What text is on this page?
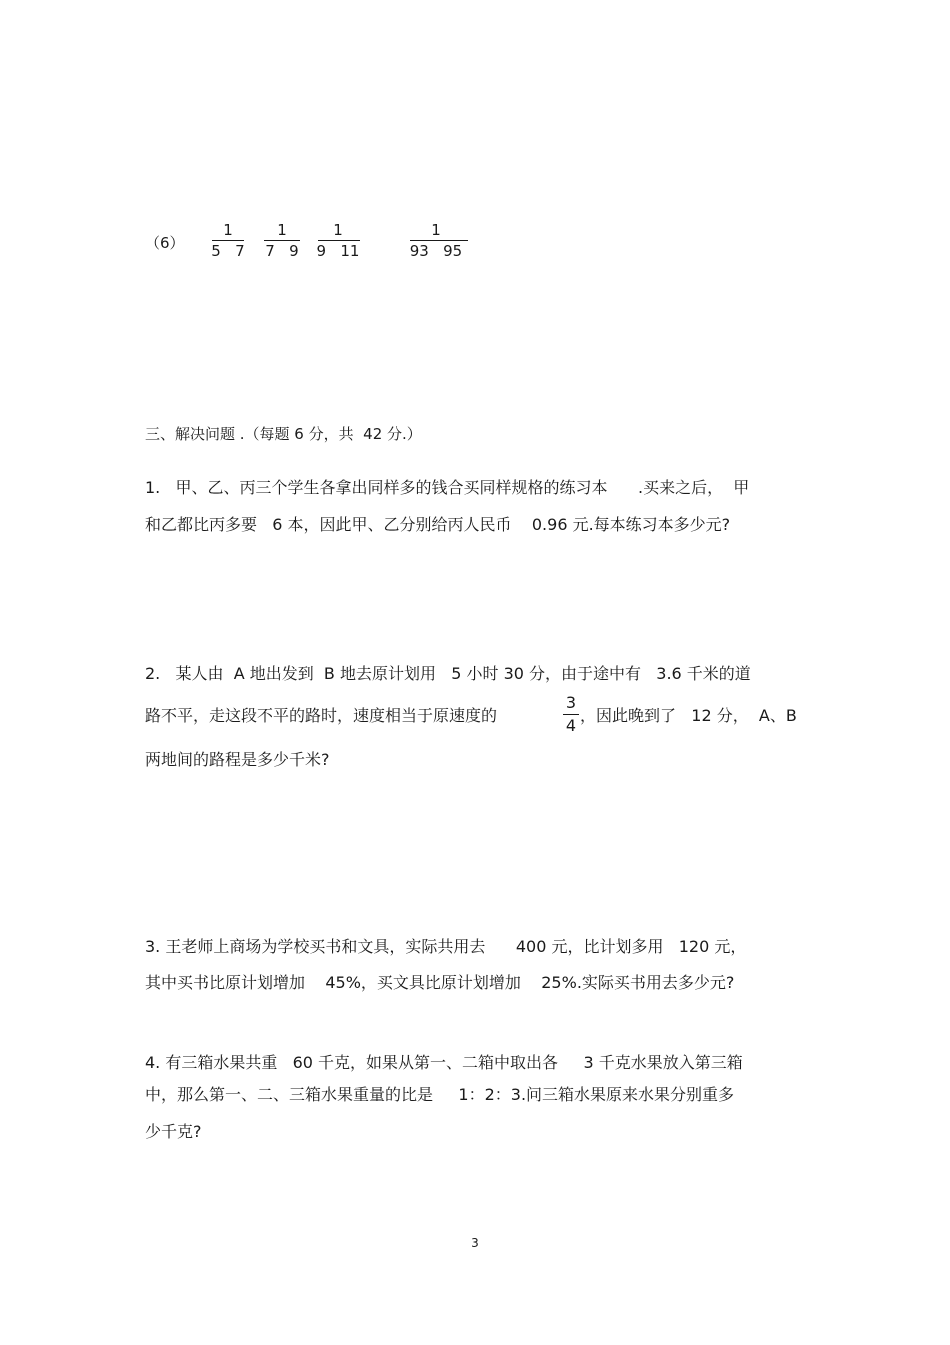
（6）
1
5   7
1
7   9
1
9   11
1
93   95
三、解决问题 .（每题 6 分，共  42 分.）
1.   甲、乙、丙三个学生各拿出同样多的钱合买同样规格的练习本      .买来之后，  甲
和乙都比丙多要   6 本，因此甲、乙分别给丙人民币    0.96 元.每本练习本多少元?
2.   某人由  A 地出发到  B 地去原计划用   5 小时 30 分，由于途中有   3.6 千米的道
路不平，走这段不平的路时，速度相当于原速度的
3
4
，因此晚到了   12 分，  A、B
两地间的路程是多少千米?
3. 王老师上商场为学校买书和文具，实际共用去      400 元，比计划多用   120 元，
其中买书比原计划增加    45%，买文具比原计划增加    25%.实际买书用去多少元?
4. 有三箱水果共重   60 千克，如果从第一、二箱中取出各     3 千克水果放入第三箱
中，那么第一、二、三箱水果重量的比是     1：2：3.问三箱水果原来水果分别重多
少千克?
3
